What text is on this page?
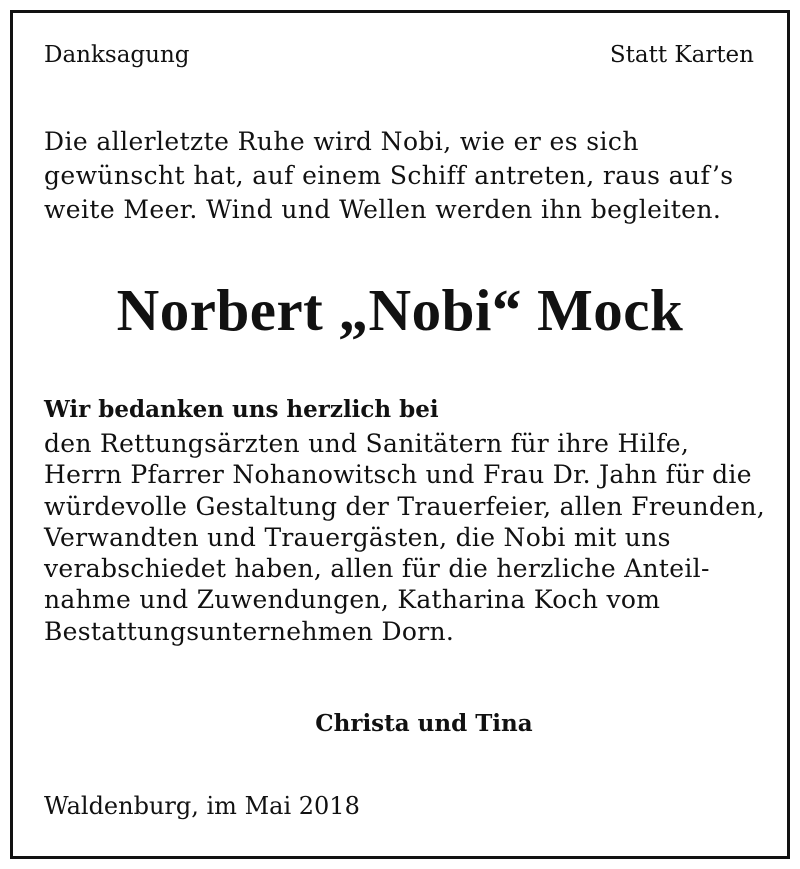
Danksagung	Statt Karten
Die allerletzte Ruhe wird Nobi, wie er es sich
gewünscht hat, auf einem Schiff antreten, raus auf’s
weite Meer. Wind und Wellen werden ihn begleiten.
Norbert „Nobi“ Mock
Wir bedanken uns herzlich bei
den Rettungsärzten und Sanitätern für ihre Hilfe,
Herrn Pfarrer Nohanowitsch und Frau Dr. Jahn für die
würdevolle Gestaltung der Trauerfeier, allen Freunden,
Verwandten und Trauergästen, die Nobi mit uns
verabschiedet haben, allen für die herzliche Anteil-
nahme und Zuwendungen, Katharina Koch vom
Bestattungsunternehmen Dorn.
Christa und Tina
Waldenburg, im Mai 2018
